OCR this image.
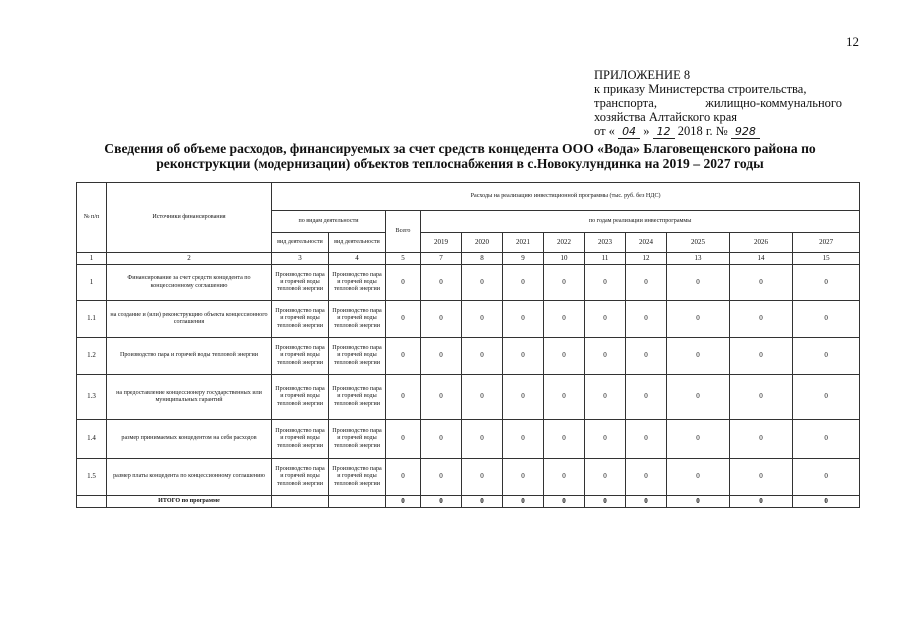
12
ПРИЛОЖЕНИЕ 8
к приказу Министерства строительства,
транспорта,	жилищно-коммунального
хозяйства Алтайского края
от « 04 » 12 2018 г. № 928
Сведения об объеме расходов, финансируемых за счет средств концедента ООО «Вода» Благовещенского района по реконструкции (модернизации) объектов теплоснабжения в с.Новокулундинка на 2019 – 2027 годы
№ п/п	Источники финансирования	Расходы на реализацию инвестиционной программы (тыс. руб. без НДС)											
		по видам деятельности		Всего	по годам реализации инвестпрограммы								
		вид деятельности	вид деятельности		2019	2020	2021	2022	2023	2024	2025	2026	2027
1	2	3	4	5	7	8	9	10	11	12	13	14	15
1	Финансирование за счет средств концедента по концессионному соглашению	Производство пара и горячей воды тепловой энергии	Производство пара и горячей воды тепловой энергии	0	0	0	0	0	0	0	0	0	0
1.1	на создание и (или) реконструкцию объекта концессионного соглашения	Производство пара и горячей воды тепловой энергии	Производство пара и горячей воды тепловой энергии	0	0	0	0	0	0	0	0	0	0
1.2	Производство пара и горячей воды тепловой энергии	Производство пара и горячей воды тепловой энергии	Производство пара и горячей воды тепловой энергии	0	0	0	0	0	0	0	0	0	0
1.3	на предоставление концессионеру государственных или муниципальных гарантий	Производство пара и горячей воды тепловой энергии	Производство пара и горячей воды тепловой энергии	0	0	0	0	0	0	0	0	0	0
1.4	размер принимаемых концедентом на себя расходов	Производство пара и горячей воды тепловой энергии	Производство пара и горячей воды тепловой энергии	0	0	0	0	0	0	0	0	0	0
1.5	размер платы концедента по концессионному соглашению	Производство пара и горячей воды тепловой энергии	Производство пара и горячей воды тепловой энергии	0	0	0	0	0	0	0	0	0	0
	ИТОГО по программе			0	0	0	0	0	0	0	0	0	0
